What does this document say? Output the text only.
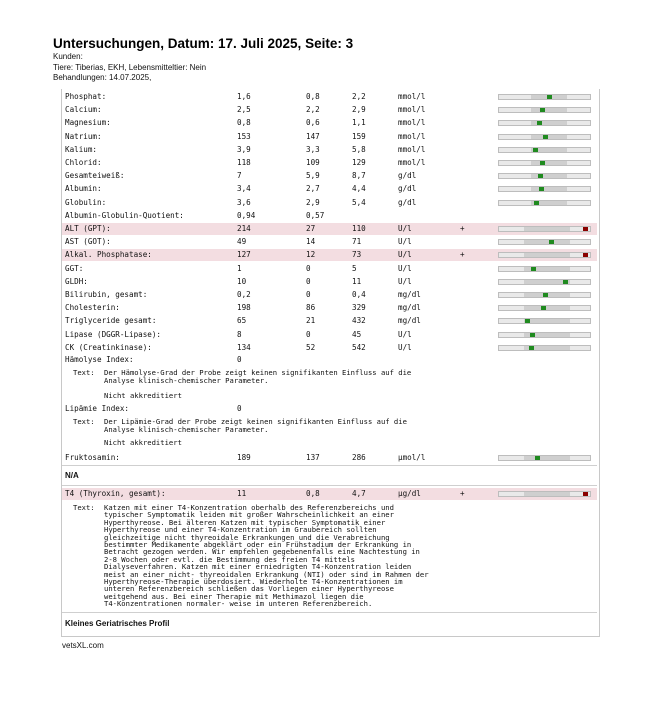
Untersuchungen, Datum: 17. Juli 2025, Seite: 3
Kunden:
Tiere: Tiberias, EKH, Lebensmitteltier: Nein
Behandlungen: 14.07.2025,
Phosphat:	1,6	0,8	2,2	mmol/l
Calcium:	2,5	2,2	2,9	mmol/l
Magnesium:	0,8	0,6	1,1	mmol/l
Natrium:	153	147	159	mmol/l
Kalium:	3,9	3,3	5,8	mmol/l
Chlorid:	118	109	129	mmol/l
Gesamteiweiß:	7	5,9	8,7	g/dl
Albumin:	3,4	2,7	4,4	g/dl
Globulin:	3,6	2,9	5,4	g/dl
Albumin-Globulin-Quotient:	0,94	0,57
ALT (GPT):	214	27	110	U/l	+
AST (GOT):	49	14	71	U/l
Alkal. Phosphatase:	127	12	73	U/l	+
GGT:	1	0	5	U/l
GLDH:	10	0	11	U/l
Bilirubin, gesamt:	0,2	0	0,4	mg/dl
Cholesterin:	198	86	329	mg/dl
Triglyceride gesamt:	65	21	432	mg/dl
Lipase (DGGR-Lipase):	8	0	45	U/l
CK (Creatinkinase):	134	52	542	U/l
Hämolyse Index:	0
Text: Der Hämolyse-Grad der Probe zeigt keinen signifikanten Einfluss auf die
Analyse klinisch-chemischer Parameter.
Nicht akkreditiert
Lipämie Index:	0
Text: Der Lipämie-Grad der Probe zeigt keinen signifikanten Einfluss auf die
Analyse klinisch-chemischer Parameter.
Nicht akkreditiert
Fruktosamin:	189	137	286	µmol/l
N/A
T4 (Thyroxin, gesamt):	11	0,8	4,7	µg/dl	+
Text: Katzen mit einer T4-Konzentration oberhalb des Referenzbereichs und
typischer Symptomatik leiden mit großer Wahrscheinlichkeit an einer
Hyperthyreose. Bei älteren Katzen mit typischer Symptomatik einer
Hyperthyreose und einer T4-Konzentration im Graubereich sollten
gleichzeitige nicht thyreoidale Erkrankungen und die Verabreichung
bestimmter Medikamente abgeklärt oder ein Frühstadium der Erkrankung in
Betracht gezogen werden. Wir empfehlen gegebenenfalls eine Nachtestung in
2-8 Wochen oder evtl. die Bestimmung des freien T4 mittels
Dialyseverfahren. Katzen mit einer erniedrigten T4-Konzentration leiden
meist an einer nicht- thyreoidalen Erkrankung (NTI) oder sind im Rahmen der
Hyperthyreose-Therapie überdosiert. Wiederholte T4-Konzentrationen im
unteren Referenzbereich schließen das Vorliegen einer Hyperthyreose
weitgehend aus. Bei einer Therapie mit Methimazol liegen die
T4-Konzentrationen normaler- weise im unteren Referenzbereich.
Kleines Geriatrisches Profil
vetsXL.com
